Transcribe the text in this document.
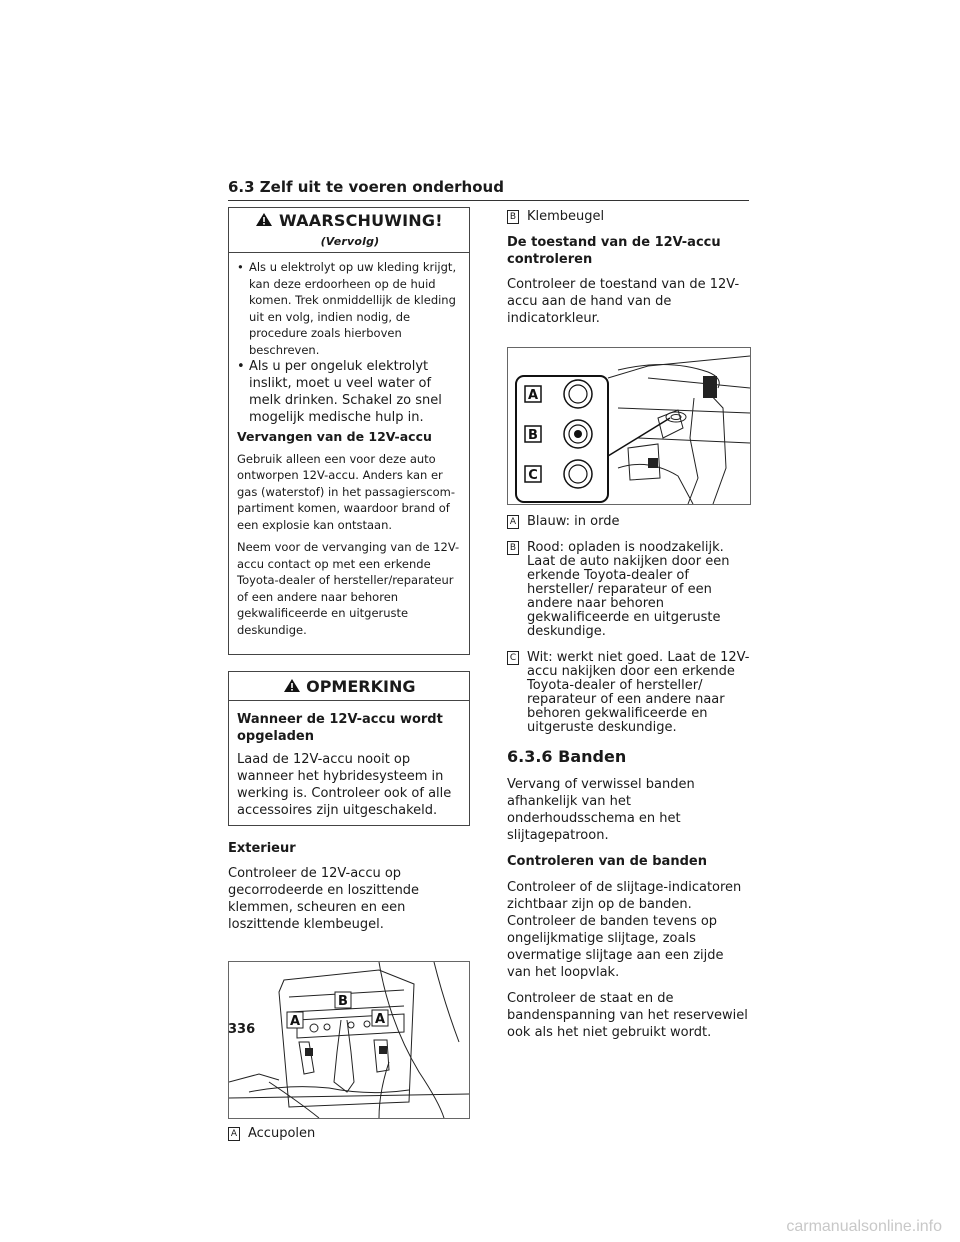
6.3 Zelf uit te voeren onderhoud
WAARSCHUWING! (Vervolg)
• Als u elektrolyt op uw kleding krijgt, kan deze erdoorheen op de huid komen. Trek onmiddellijk de kleding uit en volg, indien nodig, de procedure zoals hierboven beschreven.
• Als u per ongeluk elektrolyt inslikt, moet u veel water of melk drinken. Schakel zo snel mogelijk medische hulp in.
Vervangen van de 12V-accu

Gebruik alleen een voor deze auto ontworpen 12V-accu. Anders kan er gas (waterstof) in het passagierscom-partiment komen, waardoor brand of een explosie kan ontstaan.

Neem voor de vervanging van de 12V-accu contact op met een erkende Toyota-dealer of hersteller/reparateur of een andere naar behoren gekwalificeerde en uitgeruste deskundige.

OPMERKING
Wanneer de 12V-accu wordt opgeladen
Laad de 12V-accu nooit op wanneer het hybridesysteem in werking is. Controleer ook of alle accessoires zijn uitgeschakeld.

Exterieur

Controleer de 12V-accu op gecorrodeerde en loszittende klemmen, scheuren en een loszittende klembeugel.

B
A	A
A Accupolen
B Klembeugel

De toestand van de 12V-accu controleren

Controleer de toestand van de 12V-accu aan de hand van de indicatorkleur.

A
B
C
A Blauw: in orde
B Rood: opladen is noodzakelijk. Laat de auto nakijken door een erkende Toyota-dealer of hersteller/ reparateur of een andere naar behoren gekwalificeerde en uitgeruste deskundige.
C Wit: werkt niet goed. Laat de 12V-accu nakijken door een erkende Toyota-dealer of hersteller/ reparateur of een andere naar behoren gekwalificeerde en uitgeruste deskundige.

6.3.6 Banden

Vervang of verwissel banden afhankelijk van het onderhoudsschema en het slijtagepatroon.

Controleren van de banden

Controleer of de slijtage-indicatoren zichtbaar zijn op de banden. Controleer de banden tevens op ongelijkmatige slijtage, zoals overmatige slijtage aan een zijde van het loopvlak.

Controleer de staat en de bandenspanning van het reservewiel ook als het niet gebruikt wordt.

336
carmanualsonline.info
